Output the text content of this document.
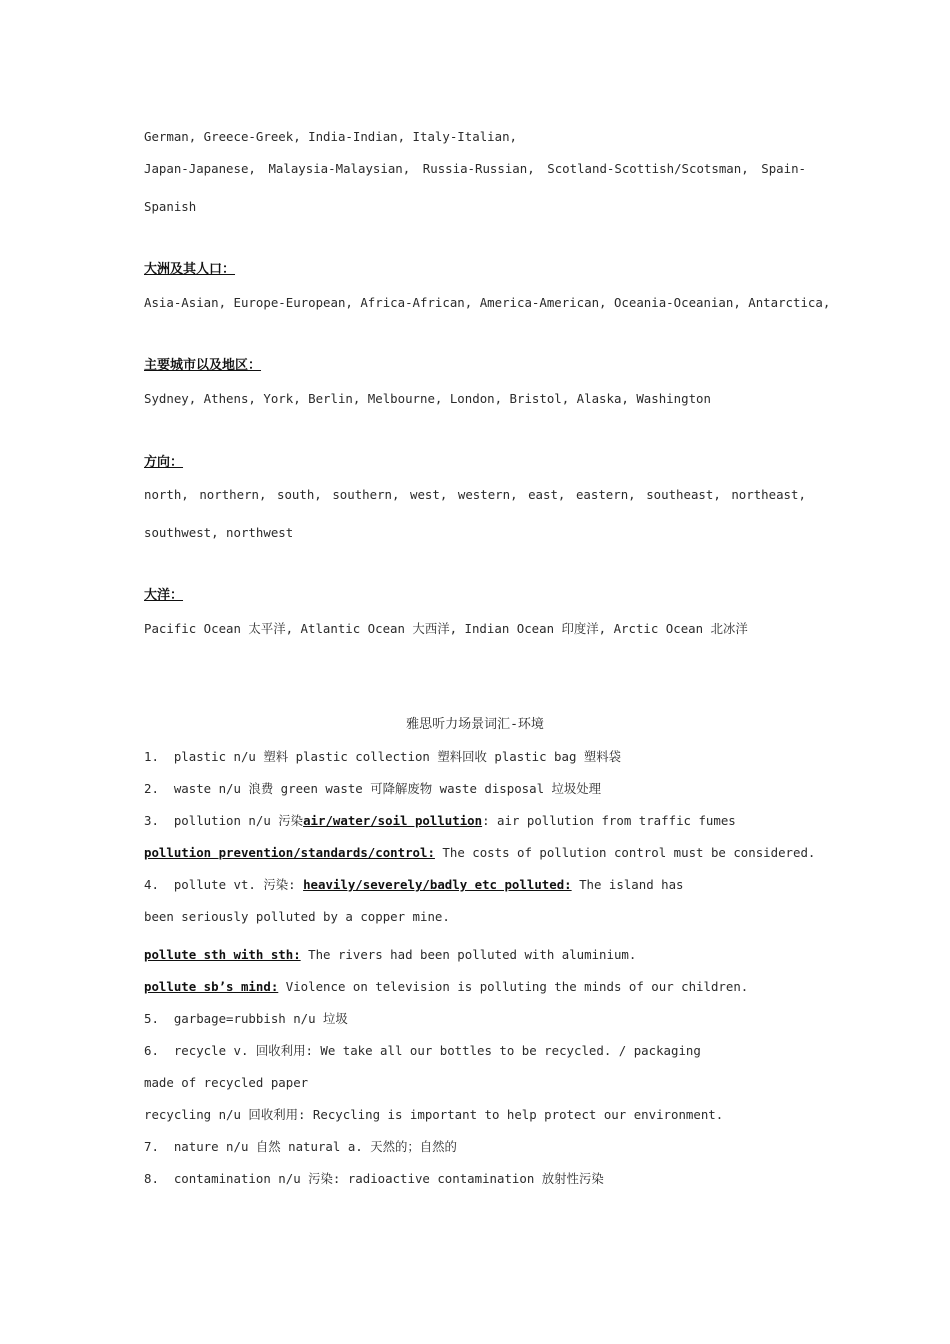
German, Greece-Greek, India-Indian, Italy-Italian,
Japan-Japanese, Malaysia-Malaysian, Russia-Russian, Scotland-Scottish/Scotsman, Spain-
Spanish
大洲及其人口：
Asia-Asian, Europe-European, Africa-African, America-American, Oceania-Oceanian, Antarctica,
主要城市以及地区：
Sydney, Athens, York, Berlin, Melbourne, London, Bristol, Alaska, Washington
方向：
north, northern, south, southern, west, western, east, eastern, southeast, northeast,
southwest, northwest
大洋：
Pacific Ocean 太平洋, Atlantic Ocean 大西洋, Indian Ocean 印度洋, Arctic Ocean 北冰洋
雅思听力场景词汇-环境
1.  plastic n/u 塑料 plastic collection 塑料回收 plastic bag 塑料袋
2.  waste n/u 浪费 green waste 可降解废物 waste disposal 垃圾处理
3.  pollution n/u 污染air/water/soil pollution: air pollution from traffic fumes
pollution prevention/standards/control: The costs of pollution control must be considered.
4.  pollute vt. 污染: heavily/severely/badly etc polluted: The island has
been seriously polluted by a copper mine.
pollute sth with sth: The rivers had been polluted with aluminium.
pollute sb’s mind: Violence on television is polluting the minds of our children.
5.  garbage=rubbish n/u 垃圾
6.  recycle v. 回收利用: We take all our bottles to be recycled. / packaging
made of recycled paper
recycling n/u 回收利用: Recycling is important to help protect our environment.
7.  nature n/u 自然 natural a. 天然的；自然的
8.  contamination n/u 污染: radioactive contamination 放射性污染
